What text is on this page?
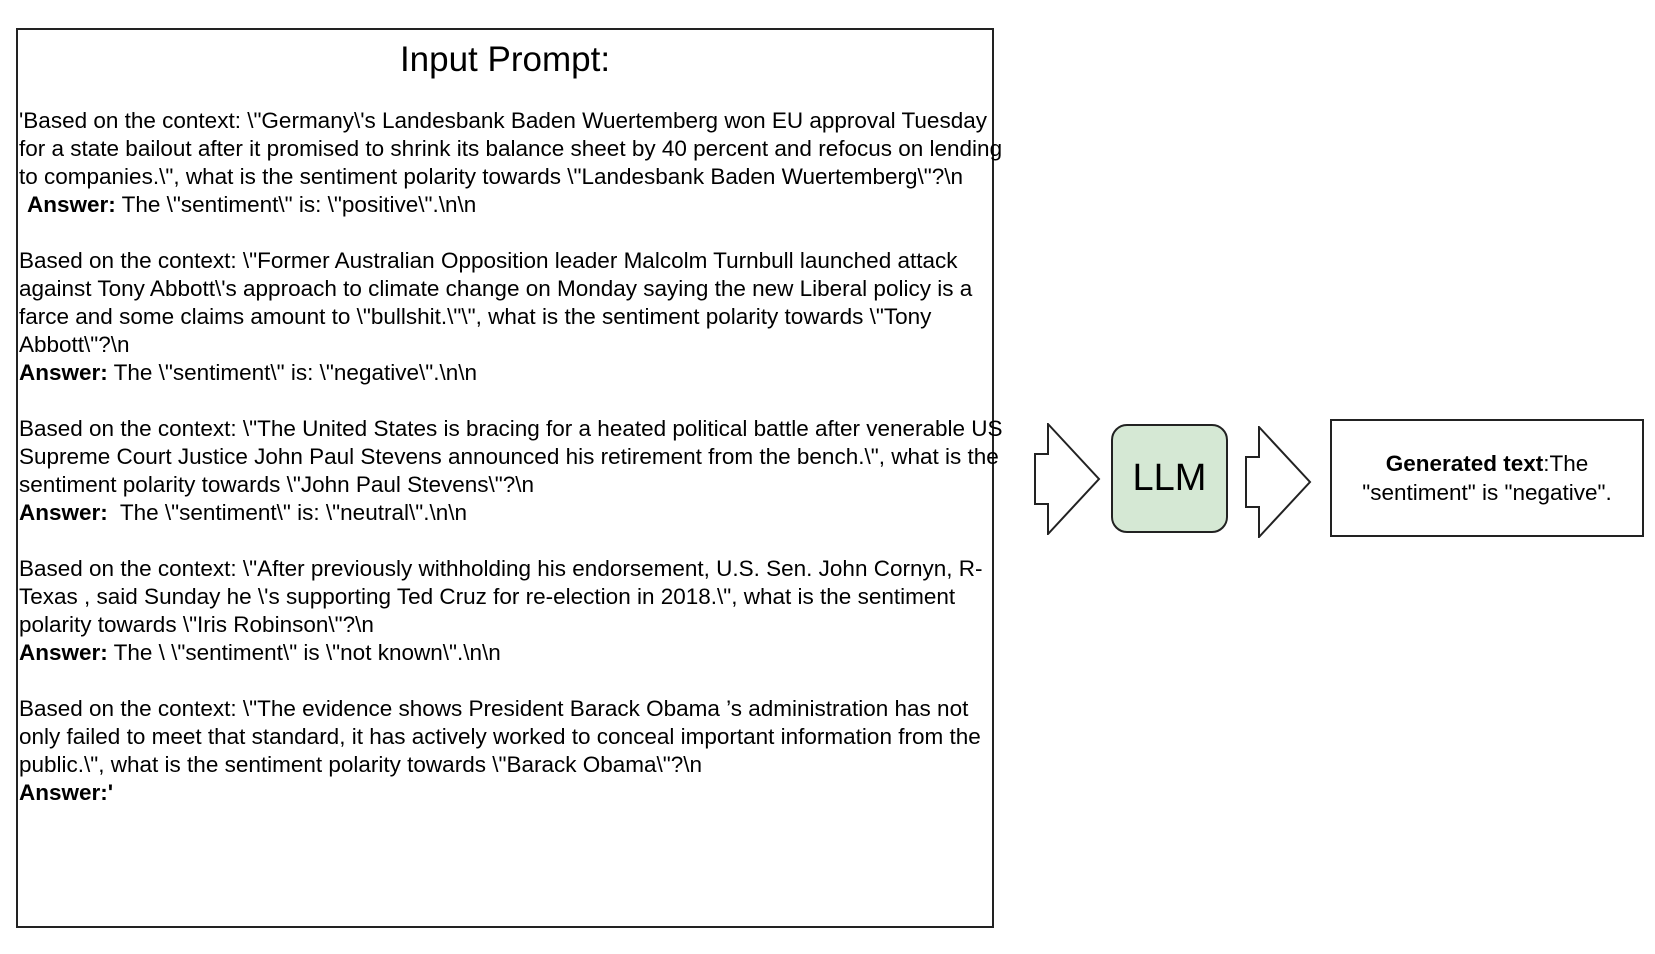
Input Prompt:

'Based on the context: \"Germany\'s Landesbank Baden Wuertemberg won EU approval Tuesday for a state bailout after it promised to shrink its balance sheet by 40 percent and refocus on lending to companies.\", what is the sentiment polarity towards \"Landesbank Baden Wuertemberg\"?\n

Answer: The \"sentiment\" is: \"positive\".\n\n

Based on the context: \"Former Australian Opposition leader Malcolm Turnbull launched attack against Tony Abbott\'s approach to climate change on Monday saying the new Liberal policy is a farce and some claims amount to \"bullshit.\"\", what is the sentiment polarity towards \"Tony Abbott\"?\n

Answer: The \"sentiment\" is: \"negative\".\n\n

Based on the context: \"The United States is bracing for a heated political battle after venerable US Supreme Court Justice John Paul Stevens announced his retirement from the bench.\", what is the sentiment polarity towards \"John Paul Stevens\"?\n

Answer:  The \"sentiment\" is: \"neutral\".\n\n

Based on the context: \"After previously withholding his endorsement, U.S. Sen. John Cornyn, R-Texas , said Sunday he \'s supporting Ted Cruz for re-election in 2018.\", what is the sentiment polarity towards \"Iris Robinson\"?\n

Answer: The \ \"sentiment\" is \"not known\".\n\n

Based on the context: \"The evidence shows President Barack Obama ’s administration has not only failed to meet that standard, it has actively worked to conceal important information from the public.\", what is the sentiment polarity towards \"Barack Obama\"?\n

Answer:'

LLM	Generated text:The "sentiment" is "negative".
